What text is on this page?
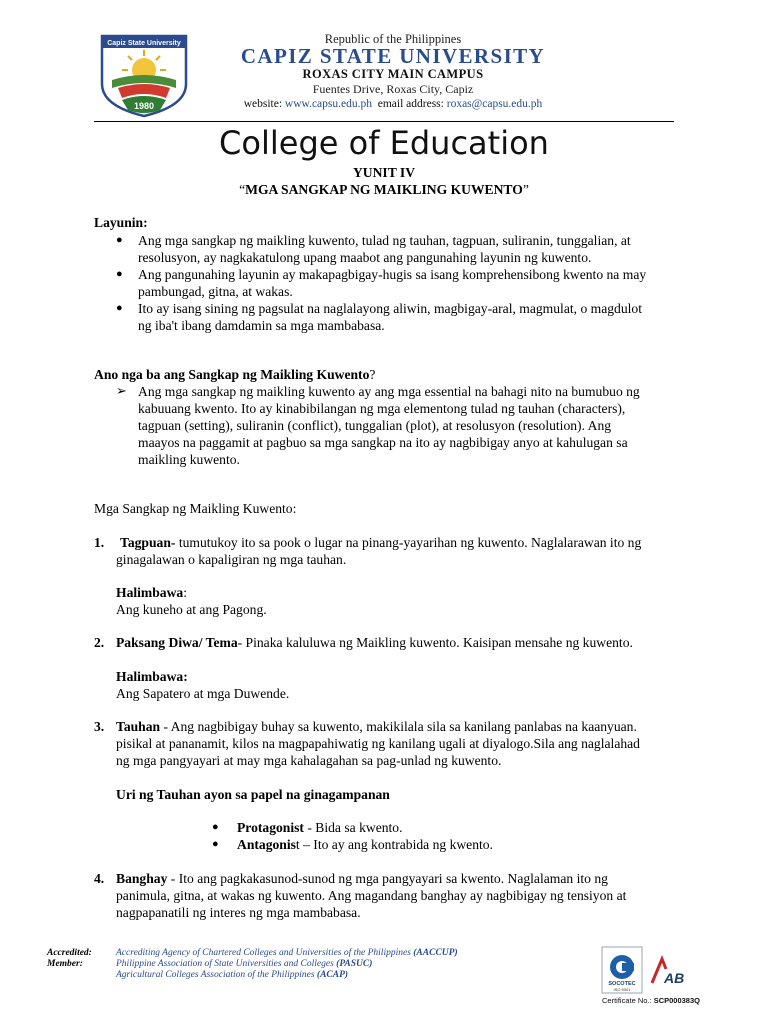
Capiz State University
1980
Republic of the Philippines
CAPIZ STATE UNIVERSITY
ROXAS CITY MAIN CAMPUS
Fuentes Drive, Roxas City, Capiz
website: www.capsu.edu.ph email address: roxas@capsu.edu.ph
College of Education
YUNIT IV
“MGA SANGKAP NG MAIKLING KUWENTO”
Layunin:
● Ang mga sangkap ng maikling kuwento, tulad ng tauhan, tagpuan, suliranin, tunggalian, at
resolusyon, ay nagkakatulong upang maabot ang pangunahing layunin ng kuwento.
● Ang pangunahing layunin ay makapagbigay-hugis sa isang komprehensibong kwento na may
pambungad, gitna, at wakas.
● Ito ay isang sining ng pagsulat na naglalayong aliwin, magbigay-aral, magmulat, o magdulot
ng iba't ibang damdamin sa mga mambabasa.
Ano nga ba ang Sangkap ng Maikling Kuwento?
➢ Ang mga sangkap ng maikling kuwento ay ang mga essential na bahagi nito na bumubuo ng
kabuuang kwento. Ito ay kinabibilangan ng mga elementong tulad ng tauhan (characters),
tagpuan (setting), suliranin (conflict), tunggalian (plot), at resolusyon (resolution). Ang
maayos na paggamit at pagbuo sa mga sangkap na ito ay nagbibigay anyo at kahulugan sa
maikling kuwento.
Mga Sangkap ng Maikling Kuwento:
1. Tagpuan- tumutukoy ito sa pook o lugar na pinang-yayarihan ng kuwento. Naglalarawan ito ng
ginagalawan o kapaligiran ng mga tauhan.
Halimbawa:
Ang kuneho at ang Pagong.
2. Paksang Diwa/ Tema- Pinaka kaluluwa ng Maikling kuwento. Kaisipan mensahe ng kuwento.
Halimbawa:
Ang Sapatero at mga Duwende.
3. Tauhan - Ang nagbibigay buhay sa kuwento, makikilala sila sa kanilang panlabas na kaanyuan.
pisikal at pananamit, kilos na magpapahiwatig ng kanilang ugali at diyalogo.Sila ang naglalahad
ng mga pangyayari at may mga kahalagahan sa pag-unlad ng kuwento.
Uri ng Tauhan ayon sa papel na ginagampanan
● Protagonist - Bida sa kwento.
● Antagonist – Ito ay ang kontrabida ng kwento.
4. Banghay - Ito ang pagkakasunod-sunod ng mga pangyayari sa kwento. Naglalaman ito ng
panimula, gitna, at wakas ng kuwento. Ang magandang banghay ay nagbibigay ng tensiyon at
nagpapanatili ng interes ng mga mambabasa.
Accredited:
Member:
Accrediting Agency of Chartered Colleges and Universities of the Philippines (AACCUP)
Philippine Association of State Universities and Colleges (PASUC)
Agricultural Colleges Association of the Philippines (ACAP)
SOCOTEC
ISO 9001
AB
Certificate No.: SCP000383Q
